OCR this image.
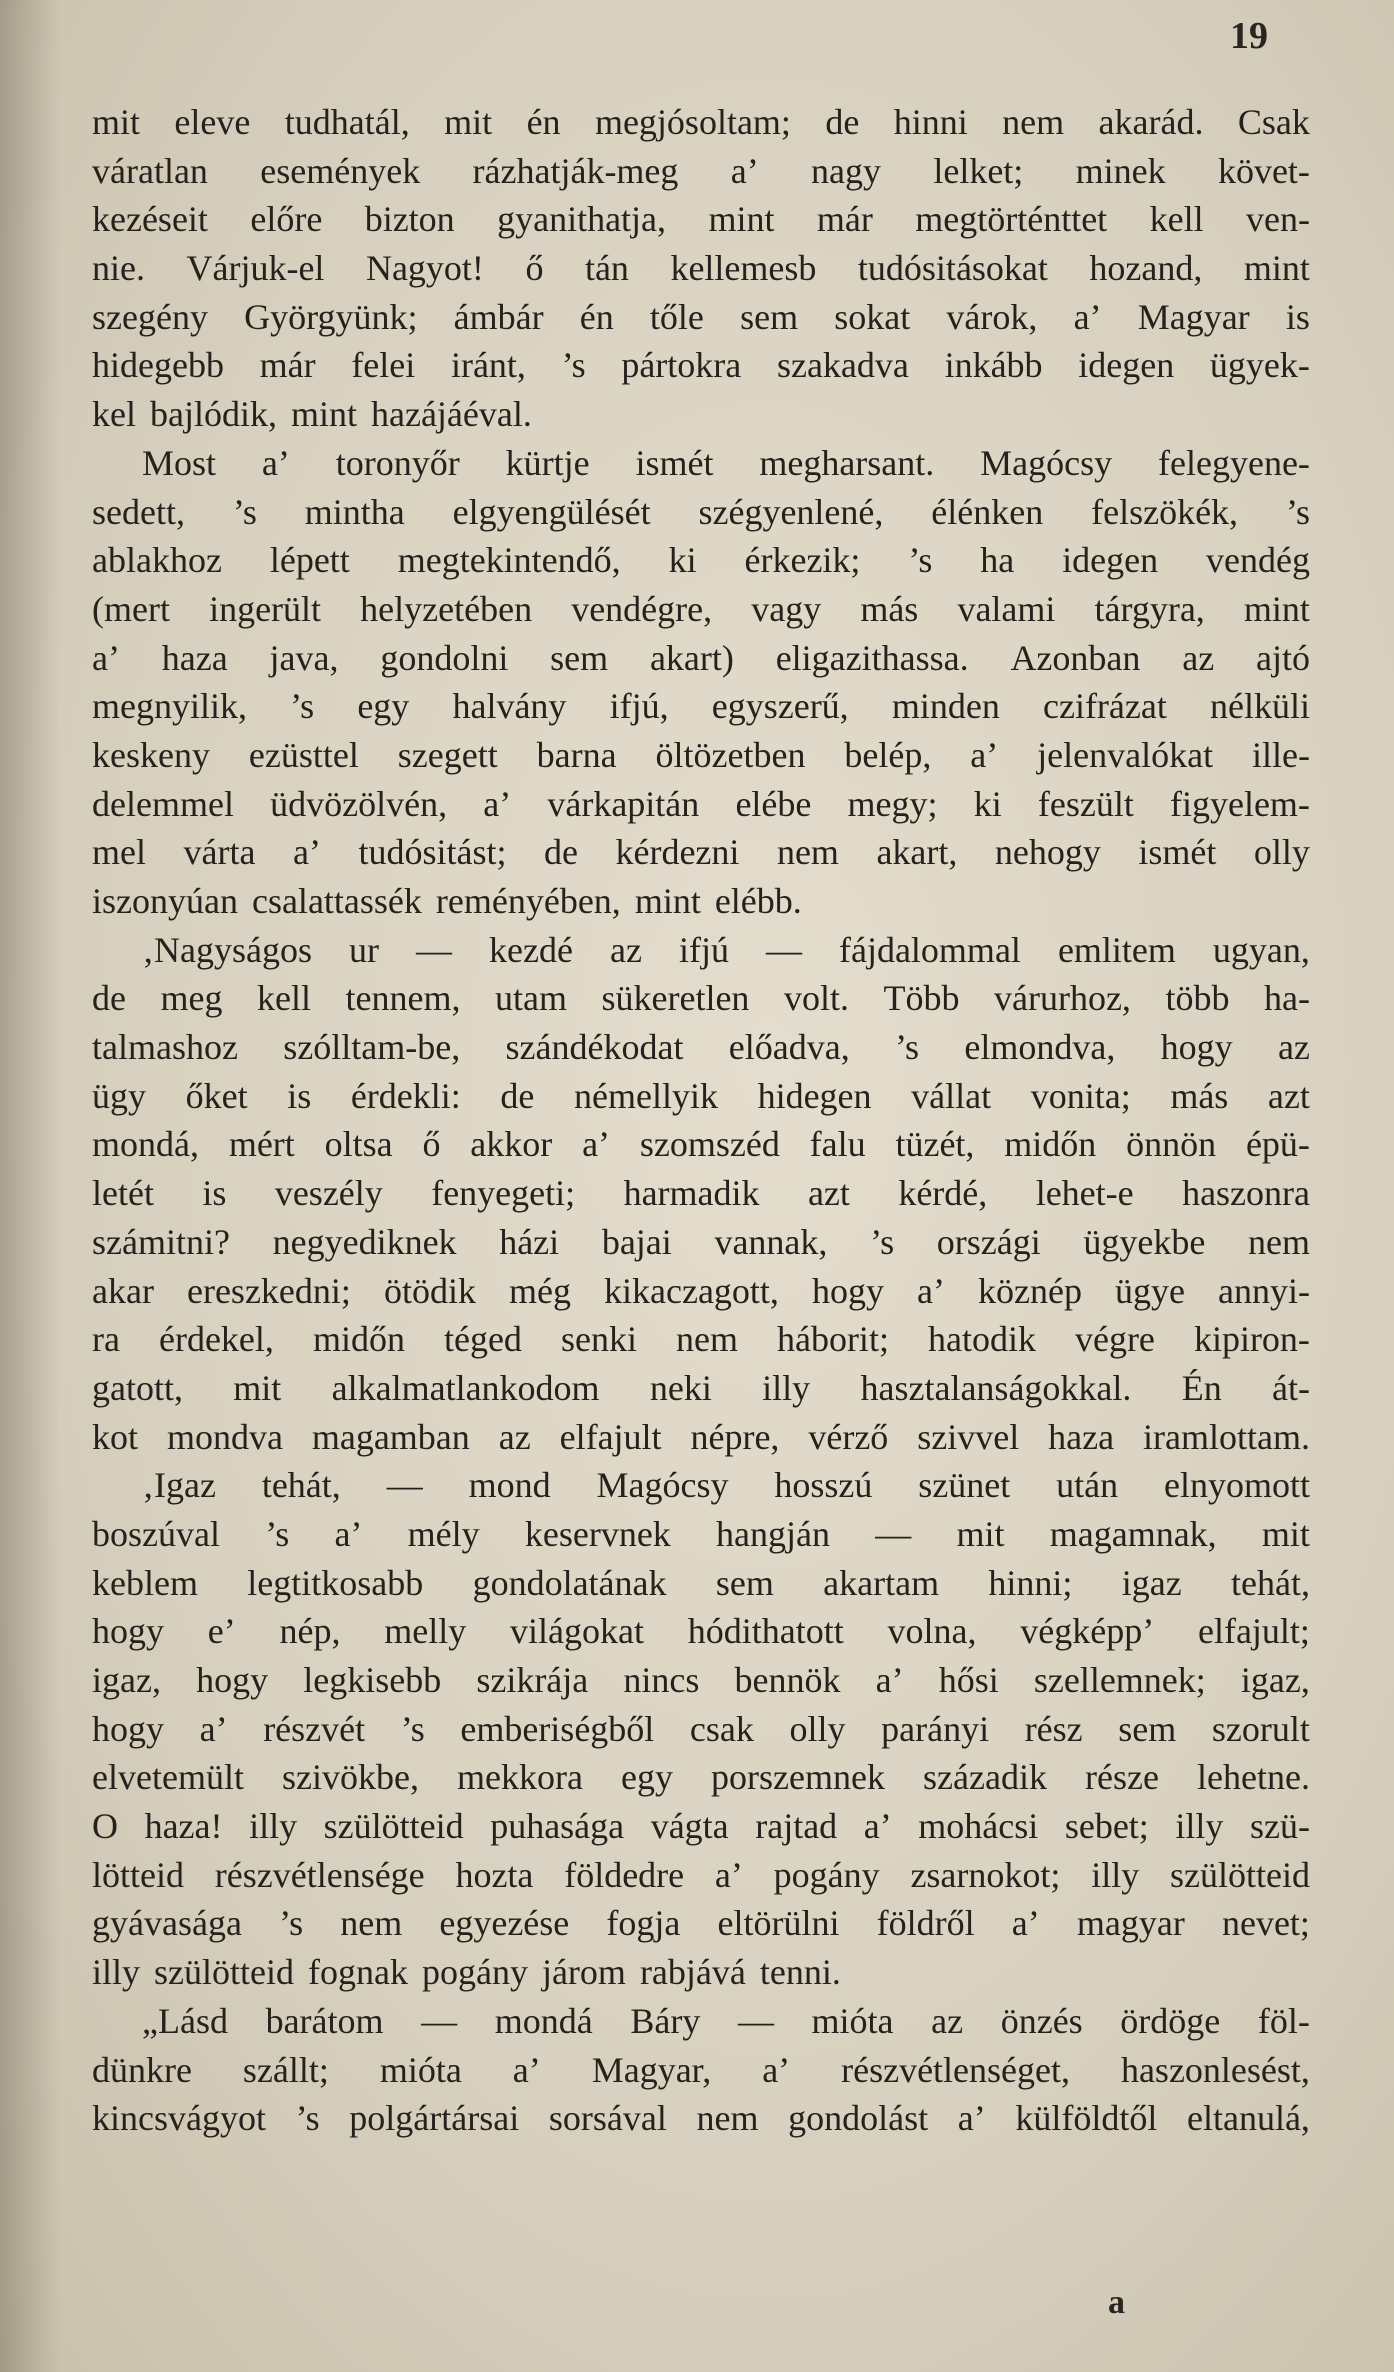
19
mit eleve tudhatál, mit én megjósoltam; de hinni nem akarád. Csak
váratlan események rázhatják-meg a’ nagy lelket; minek követ-
kezéseit előre bizton gyanithatja, mint már megtörténttet kell ven-
nie. Várjuk-el Nagyot! ő tán kellemesb tudósitásokat hozand, mint
szegény Györgyünk; ámbár én tőle sem sokat várok, a’ Magyar is
hidegebb már felei iránt, ’s pártokra szakadva inkább idegen ügyek-
kel bajlódik, mint hazájáéval.
Most a’ toronyőr kürtje ismét megharsant. Magócsy felegyene-
sedett, ’s mintha elgyengülését szégyenlené, élénken felszökék, ’s
ablakhoz lépett megtekintendő, ki érkezik; ’s ha idegen vendég
(mert ingerült helyzetében vendégre, vagy más valami tárgyra, mint
a’ haza java, gondolni sem akart) eligazithassa. Azonban az ajtó
megnyilik, ’s egy halvány ifjú, egyszerű, minden czifrázat nélküli
keskeny ezüsttel szegett barna öltözetben belép, a’ jelenvalókat ille-
delemmel üdvözölvén, a’ várkapitán elébe megy; ki feszült figyelem-
mel várta a’ tudósitást; de kérdezni nem akart, nehogy ismét olly
iszonyúan csalattassék reményében, mint elébb.
‚Nagyságos ur — kezdé az ifjú — fájdalommal emlitem ugyan,
de meg kell tennem, utam sükeretlen volt. Több várurhoz, több ha-
talmashoz szólltam-be, szándékodat előadva, ’s elmondva, hogy az
ügy őket is érdekli: de némellyik hidegen vállat vonita; más azt
mondá, mért oltsa ő akkor a’ szomszéd falu tüzét, midőn önnön épü-
letét is veszély fenyegeti; harmadik azt kérdé, lehet-e haszonra
számitni? negyediknek házi bajai vannak, ’s országi ügyekbe nem
akar ereszkedni; ötödik még kikaczagott, hogy a’ köznép ügye annyi-
ra érdekel, midőn téged senki nem háborit; hatodik végre kipiron-
gatott, mit alkalmatlankodom neki illy hasztalanságokkal. Én át-
kot mondva magamban az elfajult népre, vérző szivvel haza iramlottam.
‚Igaz tehát, — mond Magócsy hosszú szünet után elnyomott
boszúval ’s a’ mély keservnek hangján — mit magamnak, mit
keblem legtitkosabb gondolatának sem akartam hinni; igaz tehát,
hogy e’ nép, melly világokat hódithatott volna, végképp’ elfajult;
igaz, hogy legkisebb szikrája nincs bennök a’ hősi szellemnek; igaz,
hogy a’ részvét ’s emberiségből csak olly parányi rész sem szorult
elvetemült szivökbe, mekkora egy porszemnek századik része lehetne.
O haza! illy szülötteid puhasága vágta rajtad a’ mohácsi sebet; illy szü-
lötteid részvétlensége hozta földedre a’ pogány zsarnokot; illy szülötteid
gyávasága ’s nem egyezése fogja eltörülni földről a’ magyar nevet;
illy szülötteid fognak pogány járom rabjává tenni.
„Lásd barátom — mondá Báry — mióta az önzés ördöge föl-
dünkre szállt; mióta a’ Magyar, a’ részvétlenséget, haszonlesést,
kincsvágyot ’s polgártársai sorsával nem gondolást a’ külföldtől eltanulá,
a
